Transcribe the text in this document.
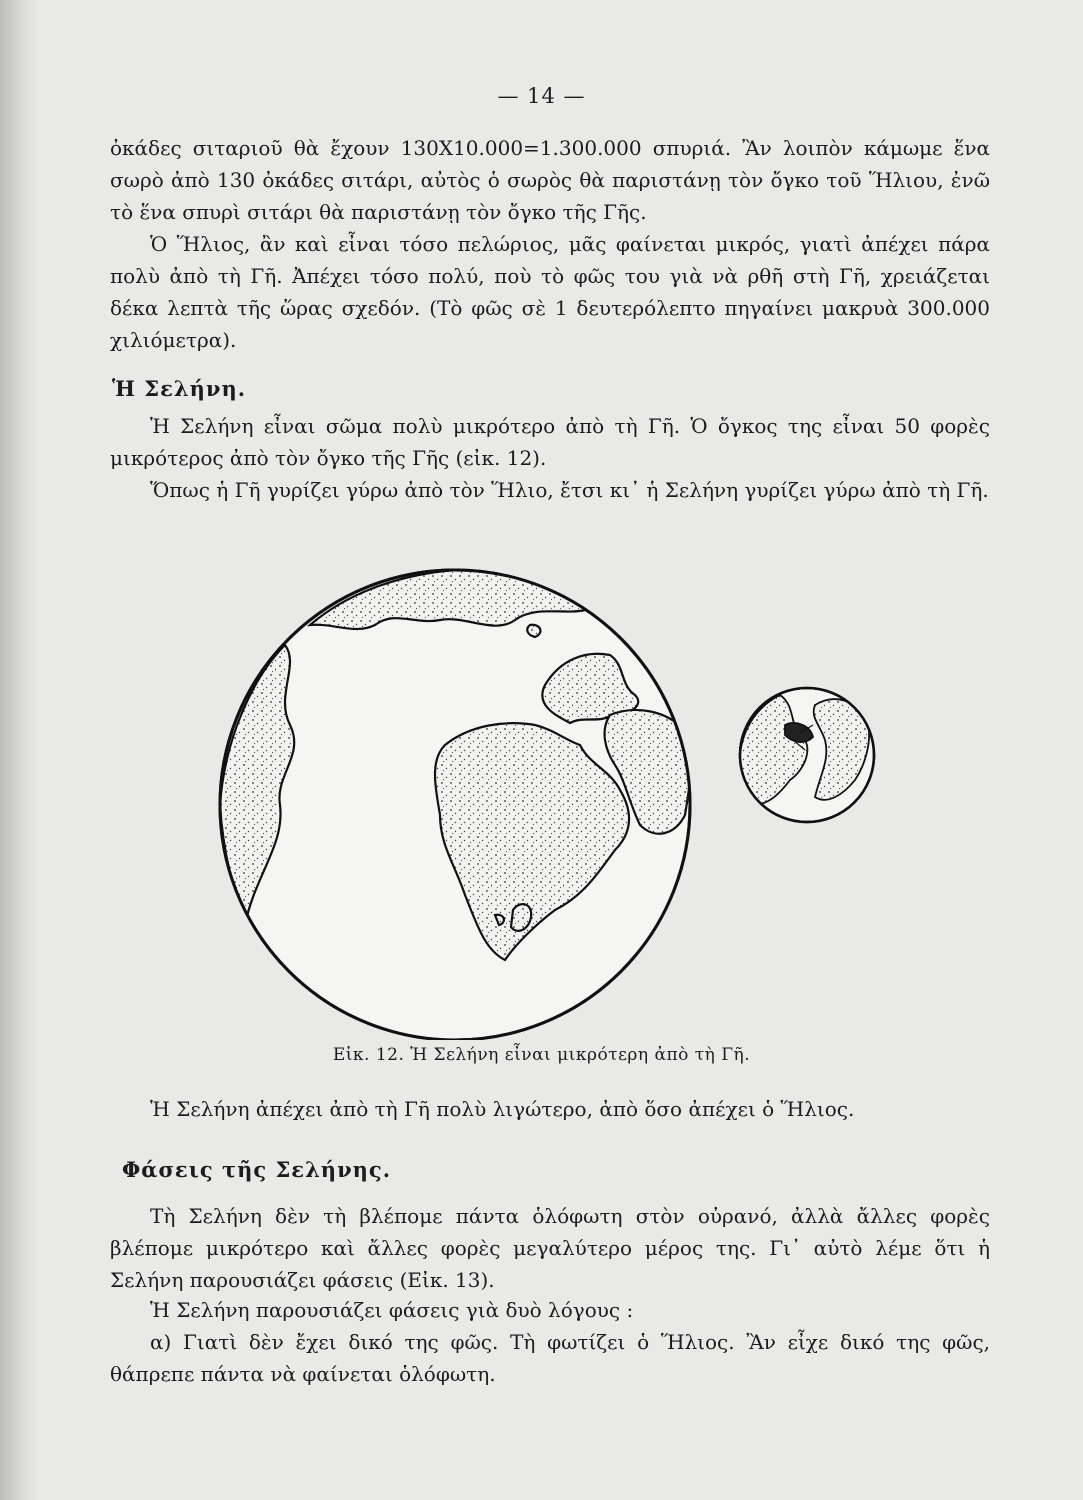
— 14 —

ὀκάδες σιταριοῦ θὰ ἔχουν 130Χ10.000=1.300.000 σπυριά. Ἂν λοιπὸν κάμωμε ἕνα σωρὸ ἀπὸ 130 ὀκάδες σιτάρι, αὐτὸς ὁ σωρὸς θὰ παριστάνῃ τὸν ὄγκο τοῦ Ἥλιου, ἐνῶ τὸ ἕνα σπυρὶ σιτάρι θὰ παριστάνῃ τὸν ὄγκο τῆς Γῆς.

Ὁ Ἥλιος, ἂν καὶ εἶναι τόσο πελώριος, μᾶς φαίνεται μικρός, γιατὶ ἀπέχει πάρα πολὺ ἀπὸ τὴ Γῆ. Ἀπέχει τόσο πολύ, ποὺ τὸ φῶς του γιὰ νὰ ρθῆ στὴ Γῆ, χρειάζεται δέκα λεπτὰ τῆς ὥρας σχεδόν. (Τὸ φῶς σὲ 1 δευτερόλεπτο πηγαίνει μακρυὰ 300.000 χιλιόμετρα).

Ἡ Σελήνη.

Ἡ Σελήνη εἶναι σῶμα πολὺ μικρότερο ἀπὸ τὴ Γῆ. Ὁ ὄγκος της εἶναι 50 φορὲς μικρότερος ἀπὸ τὸν ὄγκο τῆς Γῆς (εἰκ. 12).

Ὅπως ἡ Γῆ γυρίζει γύρω ἀπὸ τὸν Ἥλιο, ἔτσι κι᾿ ἡ Σελήνη γυρίζει γύρω ἀπὸ τὴ Γῆ.

Εἰκ. 12. Ἡ Σελήνη εἶναι μικρότερη ἀπὸ τὴ Γῆ.

Ἡ Σελήνη ἀπέχει ἀπὸ τὴ Γῆ πολὺ λιγώτερο, ἀπὸ ὅσο ἀπέχει ὁ Ἥλιος.

Φάσεις τῆς Σελήνης.

Τὴ Σελήνη δὲν τὴ βλέπομε πάντα ὁλόφωτη στὸν οὐρανό, ἀλλὰ ἄλλες φορὲς βλέπομε μικρότερο καὶ ἄλλες φορὲς μεγαλύτερο μέρος της. Γι᾿ αὐτὸ λέμε ὅτι ἡ Σελήνη παρουσιάζει φάσεις (Εἰκ. 13).

Ἡ Σελήνη παρουσιάζει φάσεις γιὰ δυὸ λόγους :

α) Γιατὶ δὲν ἔχει δικό της φῶς. Τὴ φωτίζει ὁ Ἥλιος. Ἂν εἶχε δικό της φῶς, θάπρεπε πάντα νὰ φαίνεται ὁλόφωτη.
